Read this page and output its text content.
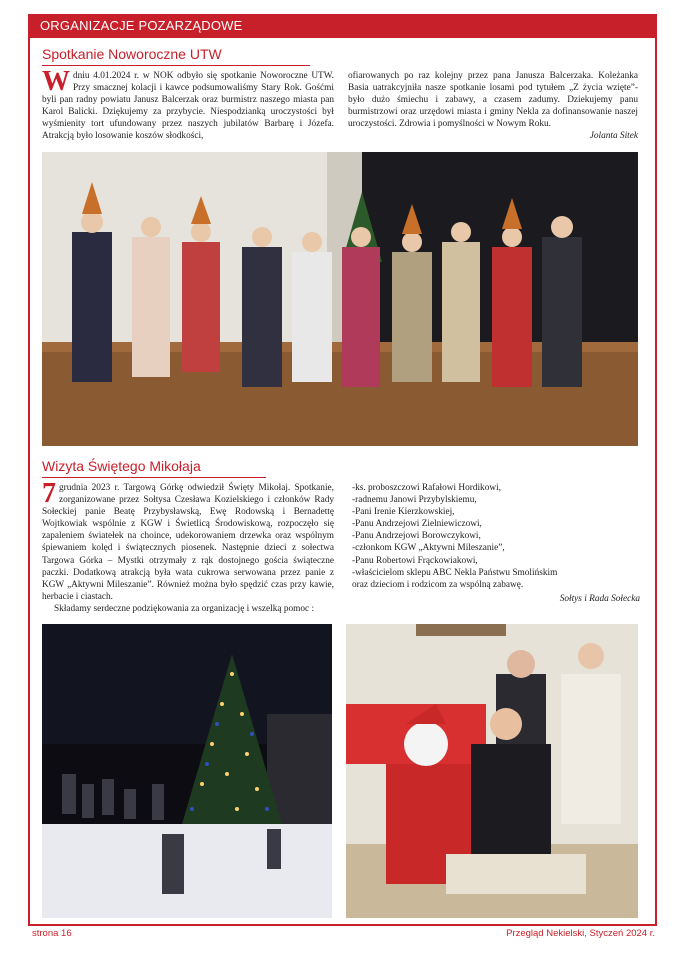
ORGANIZACJE POZARZĄDOWE
Spotkanie Noworoczne UTW
W dniu 4.01.2024 r. w NOK odbyło się spotkanie Noworoczne UTW. Przy smacznej kolacji i kawce podsumowaliśmy Stary Rok. Gośćmi byli pan radny powiatu Janusz Balcerzak oraz burmistrz naszego miasta pan Karol Balicki. Dziękujemy za przybycie. Niespodzianką uroczystości był wyśmienity tort ufundowany przez naszych jubilatów Barbarę i Józefa. Atrakcją było losowanie koszów słodkości,

ofiarowanych po raz kolejny przez pana Janusza Balcerzaka. Koleżanka Basia uatrakcyjniła nasze spotkanie losami pod tytułem „Z życia wzięte”- było dużo śmiechu i zabawy, a czasem zadumy. Dziekujemy panu burmistrzowi oraz urzędowi miasta i gminy Nekla za dofinansowanie naszej uroczystości. Zdrowia i pomyślności w Nowym Roku.

Jolanta Sitek

Wizyta Świętego Mikołaja
7 grudnia 2023 r. Targową Górkę odwiedził Święty Mikołaj. Spotkanie, zorganizowane przez Sołtysa Czesława Kozielskiego i członków Rady Sołeckiej panie Beatę Przybysławską, Ewę Rodowską i Bernadettę Wojtkowiak wspólnie z KGW i Świetlicą Środowiskową, rozpoczęło się zapaleniem światełek na choince, udekorowaniem drzewka oraz wspólnym śpiewaniem kolęd i świątecznych piosenek. Następnie dzieci z sołectwa Targowa Górka – Mystki otrzymały z rąk dostojnego gościa świąteczne paczki. Dodatkową atrakcją była wata cukrowa serwowana przez panie z KGW „Aktywni Mileszanie”. Również można było spędzić czas przy kawie, herbacie i ciastach.

Składamy serdeczne podziękowania za organizację i wszelką pomoc :

-ks. proboszczowi Rafałowi Hordikowi,
-radnemu Janowi Przybylskiemu,
-Pani Irenie Kierzkowskiej,
-Panu Andrzejowi Zielniewiczowi,
-Panu Andrzejowi Borowczykowi,
-członkom KGW „Aktywni Mileszanie”,
-Panu Robertowi Frąckowiakowi,
-właścicielom sklepu ABC Nekla Państwu Smolińskim
oraz dzieciom i rodzicom za wspólną zabawę.

Sołtys i Rada Sołecka

strona 16	Przegląd Nekielski, Styczeń 2024 r.
